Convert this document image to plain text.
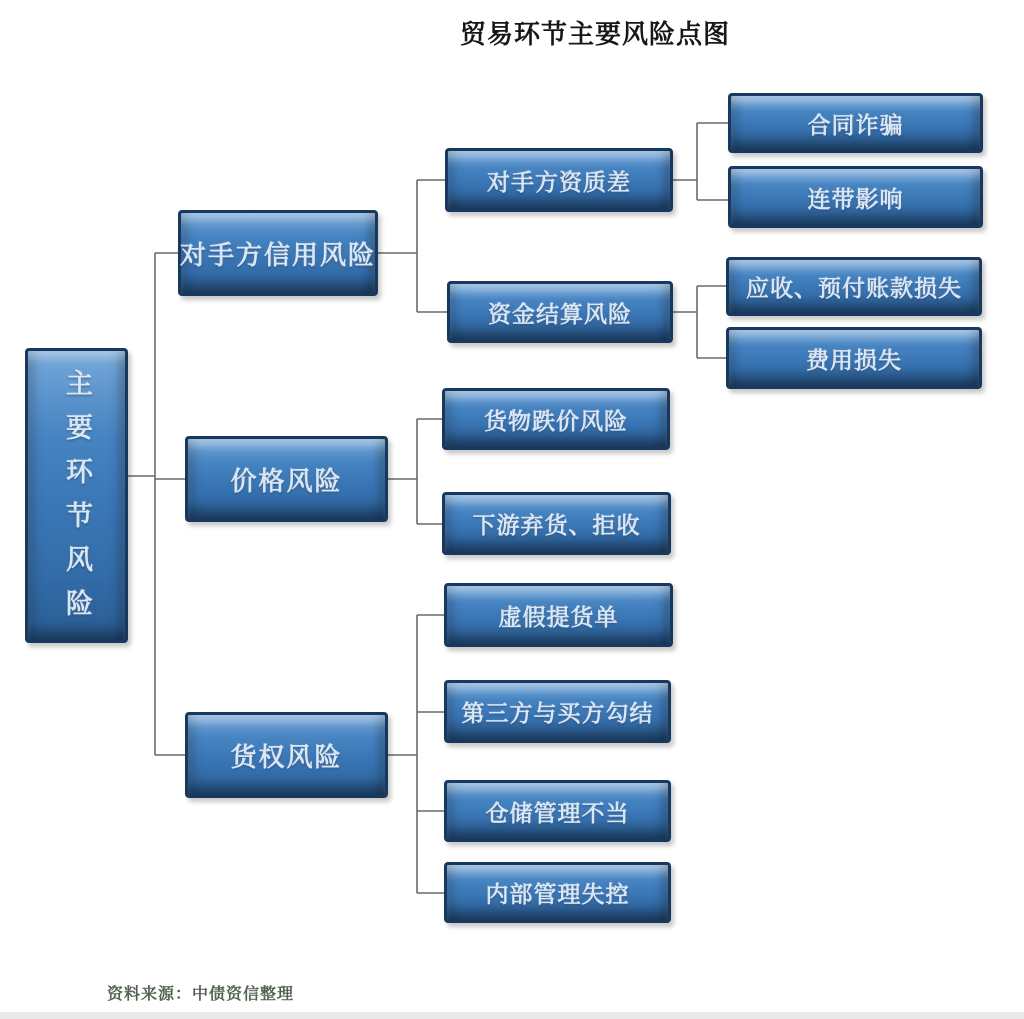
贸易环节主要风险点图
主要环节风险
对手方信用风险
价格风险
货权风险
对手方资质差
资金结算风险
货物跌价风险
下游弃货、拒收
虚假提货单
第三方与买方勾结
仓储管理不当
内部管理失控
合同诈骗
连带影响
应收、预付账款损失
费用损失
资料来源：中债资信整理
